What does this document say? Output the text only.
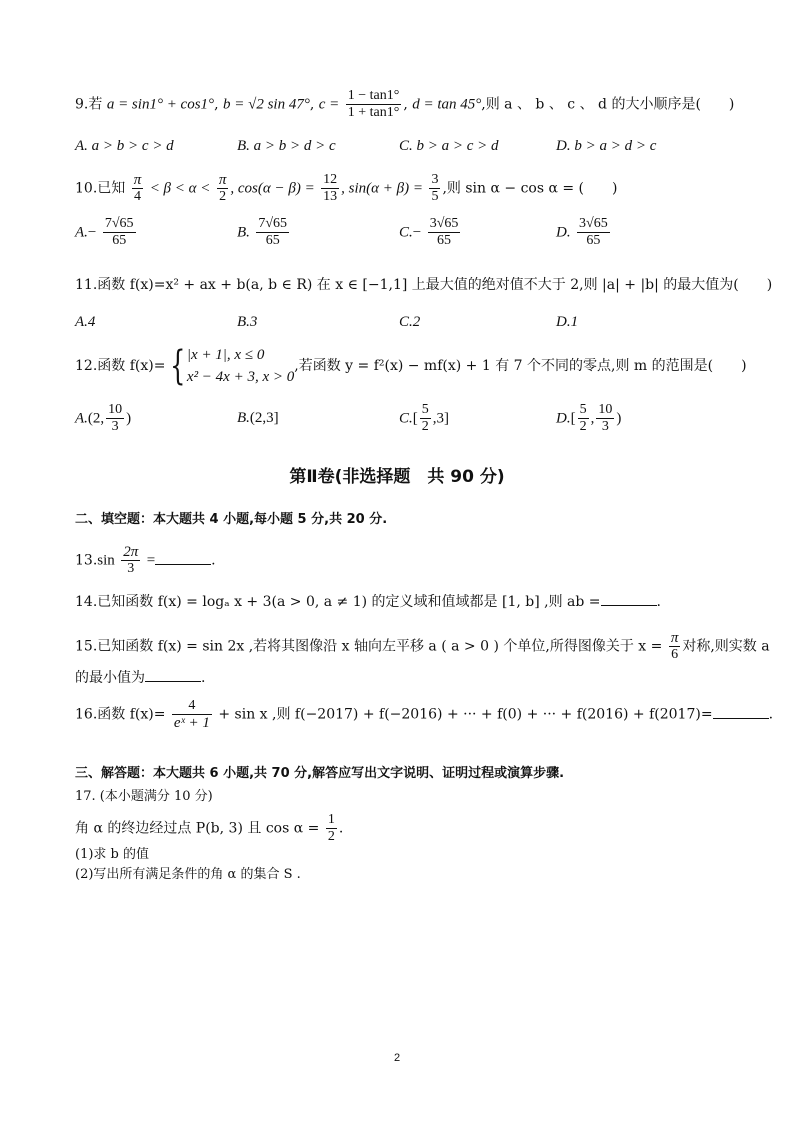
9.若 a = sin1° + cos1°, b = √2 sin 47°, $c = \frac{1 - \tan 1^\circ}{1 + \tan 1^\circ}$ , d = tan 45°,则 a 、 b 、 c 、 d 的大小顺序是(　　)
A. a > b > c > d	B. a > b > d > c	C. b > a > c > d	D. b > a > d > c
10.已知 $\frac{\pi}{4} < \beta < \alpha < \frac{\pi}{2}$ , $\cos(\alpha - \beta) = \frac{12}{13}$ , $\sin(\alpha + \beta) = \frac{3}{5}$ ,则 sin α − cos α = (　　)
$A.- \frac{7√65}{65}$	B. $\frac{7√65}{65}$	$C.- \frac{3√65}{65}$	D. $\frac{3√65}{65}$
11.函数 f(x)=x² + ax + b(a, b ∈ R) 在 x ∈ [−1,1] 上最大值的绝对值不大于 2,则 |a| + |b| 的最大值为(　　)
A.4	B.3	C.2	D.1
12.函数 f(x)= { |x + 1|, x ≤ 0
x² − 4x + 3, x > 0
,若函数 y = f²(x) − mf(x) + 1 有 7 个不同的零点,则 m 的范围是(　　)
A.(2, $\frac{10}{3}$ )	B.(2,3]	$C.[ \frac{5}{2} ,3]$	$D.[ \frac{5}{2}$ , $\frac{10}{3}$ )
第Ⅱ卷(非选择题　共 90 分)
二、填空题：本大题共 4 小题,每小题 5 分,共 20 分.
$13.\sin \frac{2\pi}{3}$ =	.
14.已知函数 f(x) = logₐ x + 3(a > 0, a ≠ 1) 的定义域和值域都是 [1, b] ,则 ab =	.
15.已知函数 f(x) = sin 2x ,若将其图像沿 x 轴向左平移 a ( a > 0 ) 个单位,所得图像关于 $x = \frac{\pi}{6}$ 对称,则实数 a
的最小值为	.
16.函数 $f(x)= \frac{4}{\text{eˣ + 1}} + \sin x$ ,则 f(−2017) + f(−2016) + ··· + f(0) + ··· + f(2016) + f(2017)=	.
三、解答题：本大题共 6 小题,共 70 分,解答应写出文字说明、证明过程或演算步骤.
17. (本小题满分 10 分)
角 α 的终边经过点 P(b, 3) 且 $\cos \alpha = \frac{1}{2}$ .
(1)求 b 的值
(2)写出所有满足条件的角 α 的集合 S .
2
